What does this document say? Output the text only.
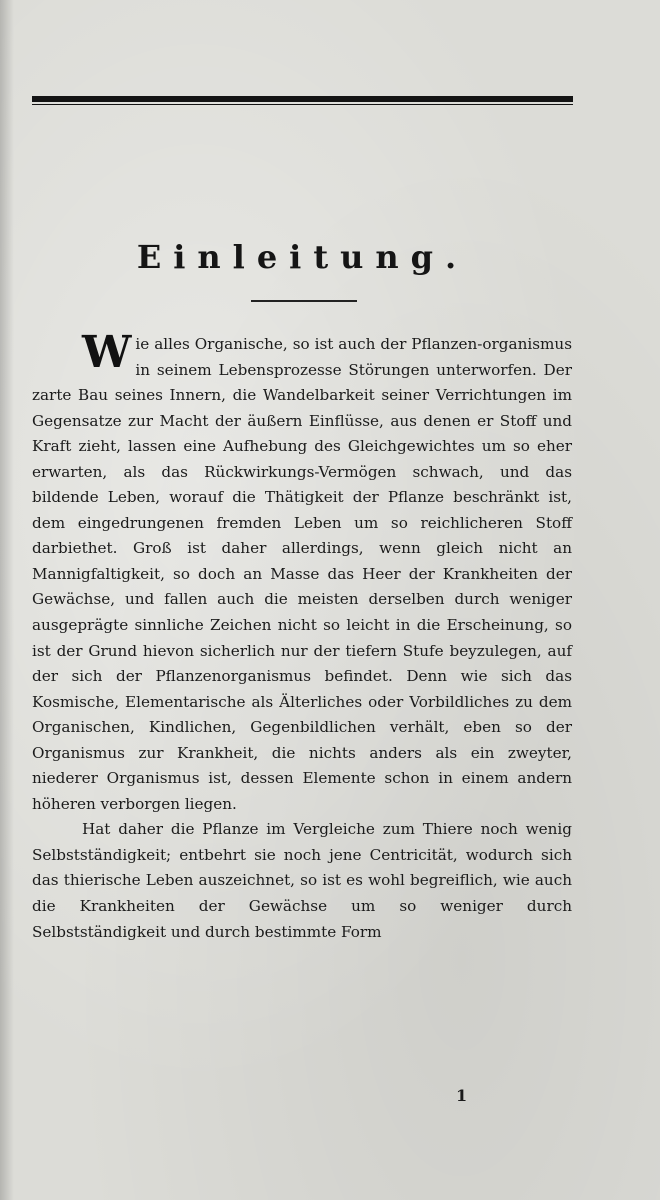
Einleitung.

Wie alles Organische, so ist auch der Pflanzen-organismus in seinem Lebensprozesse Störungen unterworfen. Der zarte Bau seines Innern, die Wandelbarkeit seiner Verrichtungen im Gegensatze zur Macht der äußern Einflüsse, aus denen er Stoff und Kraft zieht, lassen eine Aufhebung des Gleichgewichtes um so eher erwarten, als das Rückwirkungs-Vermögen schwach, und das bildende Leben, worauf die Thätigkeit der Pflanze beschränkt ist, dem eingedrungenen fremden Leben um so reichlicheren Stoff darbiethet. Groß ist daher allerdings, wenn gleich nicht an Mannigfaltigkeit, so doch an Masse das Heer der Krankheiten der Gewächse, und fallen auch die meisten derselben durch weniger ausgeprägte sinnliche Zeichen nicht so leicht in die Erscheinung, so ist der Grund hievon sicherlich nur der tiefern Stufe beyzulegen, auf der sich der Pflanzenorganismus befindet. Denn wie sich das Kosmische, Elementarische als Älterliches oder Vorbildliches zu dem Organischen, Kindlichen, Gegenbildlichen verhält, eben so der Organismus zur Krankheit, die nichts anders als ein zweyter, niederer Organismus ist, dessen Elemente schon in einem andern höheren verborgen liegen.

Hat daher die Pflanze im Vergleiche zum Thiere noch wenig Selbstständigkeit; entbehrt sie noch jene Centricität, wodurch sich das thierische Leben auszeichnet, so ist es wohl begreiflich, wie auch die Krankheiten der Gewächse um so weniger durch Selbstständigkeit und durch bestimmte Form

1
